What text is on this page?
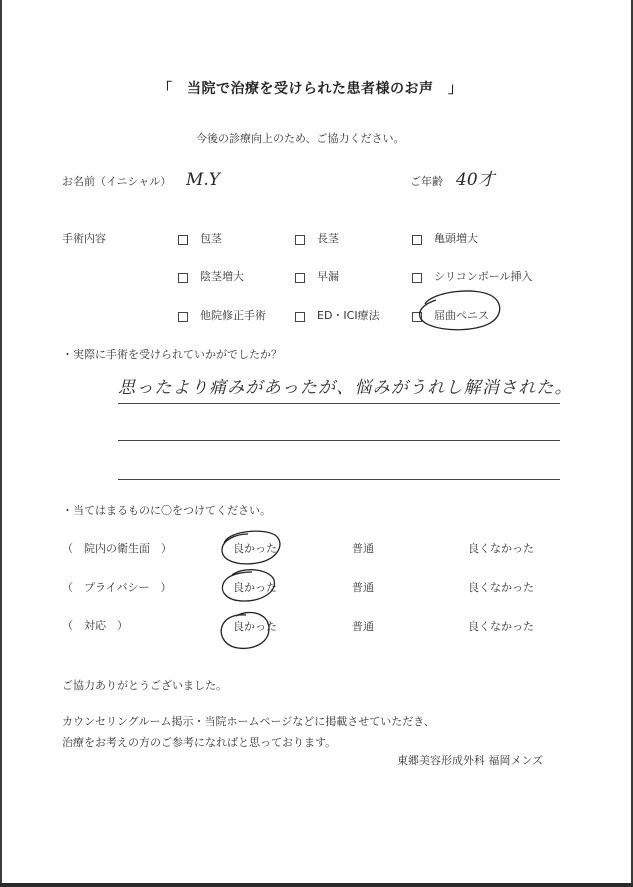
「　当院で治療を受けられた患者様のお声　」
今後の診療向上のため、ご協力ください。
お名前（イニシャル） M.Y	ご年齢 40才
手術内容	包茎	長茎	亀頭増大
陰茎増大	早漏	シリコンボール挿入
他院修正手術	ED・ICI療法	屈曲ペニス
・実際に手術を受けられていかがでしたか？
思ったより痛みがあったが、悩みがうれし解消された。
・当てはまるものに〇をつけてください。
（　院内の衛生面　）	良かった	普通	良くなかった
（　プライバシー　）	良かった	普通	良くなかった
（　対応　）	良かった	普通	良くなかった
ご協力ありがとうございました。
カウンセリングルーム掲示・当院ホームページなどに掲載させていただき、
治療をお考えの方のご参考になればと思っております。
東郷美容形成外科 福岡メンズ
